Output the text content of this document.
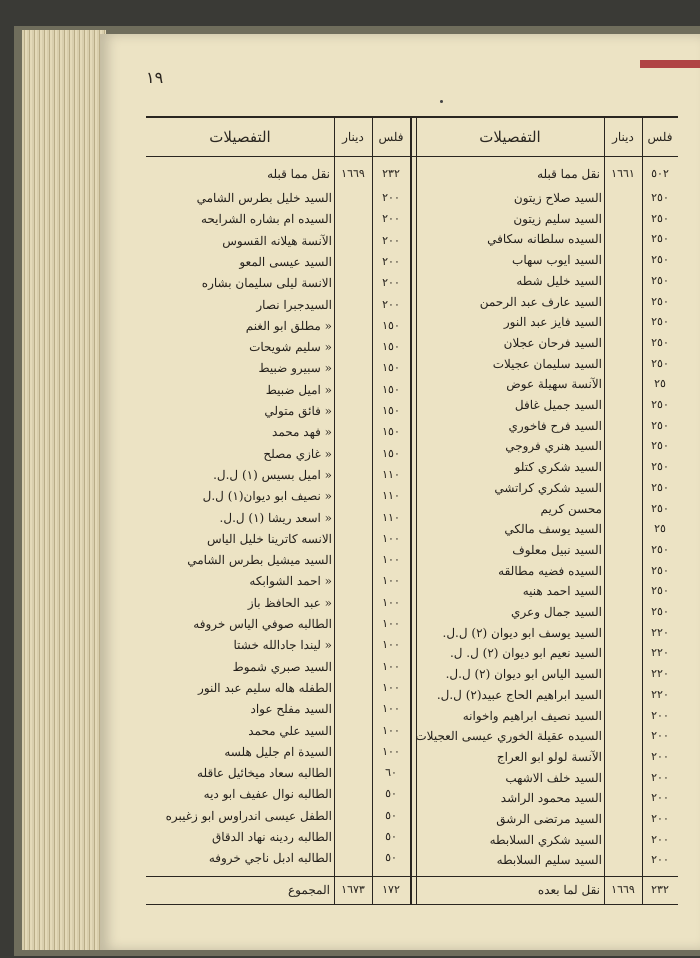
١٩
التفصيلات	دينار	فلس	التفصيلات	دينار	فلس
نقل مما قبله	١٦٦١	٥٠٢
نقل مما قبله	١٦٦٩	٢٣٢
السيد صلاح زيتون	٢٥٠
السيد سليم زيتون	٢٥٠
السيده سلطانه سكافي	٢٥٠
السيد ايوب سهاب	٢٥٠
السيد خليل شطه	٢٥٠
السيد عارف عبد الرحمن	٢٥٠
السيد فايز عبد النور	٢٥٠
السيد فرحان عجلان	٢٥٠
السيد سليمان عجيلات	٢٥٠
الآنسة سهيلة عوض	٢٥
السيد جميل غافل	٢٥٠
السيد فرح فاخوري	٢٥٠
السيد هنري فروجي	٢٥٠
السيد شكري كتلو	٢٥٠
السيد شكري كراتشي	٢٥٠
محسن كريم	٢٥٠
السيد يوسف مالكي	٢٥
السيد نبيل معلوف	٢٥٠
السيده فضيه مطالقه	٢٥٠
السيد احمد هنيه	٢٥٠
السيد جمال وعري	٢٥٠
السيد يوسف ابو ديوان (٢) ل.ل.	٢٢٠
السيد نعيم ابو ديوان (٢) ل. ل.	٢٢٠
السيد الياس ابو ديوان (٢) ل.ل.	٢٢٠
السيد ابراهيم الحاج عبيد(٢) ل.ل.	٢٢٠
السيد نصيف ابراهيم واخوانه	٢٠٠
السيده عقيلة الخوري عيسى العجيلات	٢٠٠
الآنسة لولو ابو العراج	٢٠٠
السيد خلف الاشهب	٢٠٠
السيد محمود الراشد	٢٠٠
السيد مرتضى الرشق	٢٠٠
السيد شكري السلابطه	٢٠٠
السيد سليم السلابطه	٢٠٠
السيد خليل بطرس الشامي	٢٠٠
السيده ام بشاره الشرايحه	٢٠٠
الآنسة هيلانه القسوس	٢٠٠
السيد عيسى المعو	٢٠٠
الانسة ليلى سليمان بشاره	٢٠٠
السيدجبرا نصار	٢٠٠
« مطلق ابو الغنم	١٥٠
« سليم شويحات	١٥٠
« سبيرو ضبيط	١٥٠
« اميل ضبيط	١٥٠
« فائق متولي	١٥٠
« فهد محمد	١٥٠
« غازي مصلح	١٥٠
« اميل بسيس (١) ل.ل.	١١٠
« نصيف ابو ديوان(١) ل.ل	١١٠
« اسعد ريشا (١) ل.ل.	١١٠
الانسه كاترينا خليل الياس	١٠٠
السيد ميشيل بطرس الشامي	١٠٠
« احمد الشوابكه	١٠٠
« عبد الحافظ باز	١٠٠
الطالبه صوفي الياس خروفه	١٠٠
« ليندا جادالله خشتا	١٠٠
السيد صبري شموط	١٠٠
الطفله هاله سليم عبد النور	١٠٠
السيد مفلح عواد	١٠٠
السيد علي محمد	١٠٠
السيدة ام جليل هلسه	١٠٠
الطالبه سعاد ميخائيل عاقله	٦٠
الطالبه نوال عفيف ابو ديه	٥٠
الطفل عيسى اندراوس ابو زغيبره	٥٠
الطالبه ردينه نهاد الدقاق	٥٠
الطالبه ادبل ناجي خروفه	٥٠
نقل لما بعده	١٦٦٩	٢٣٢
المجموع	١٦٧٣	١٧٢
